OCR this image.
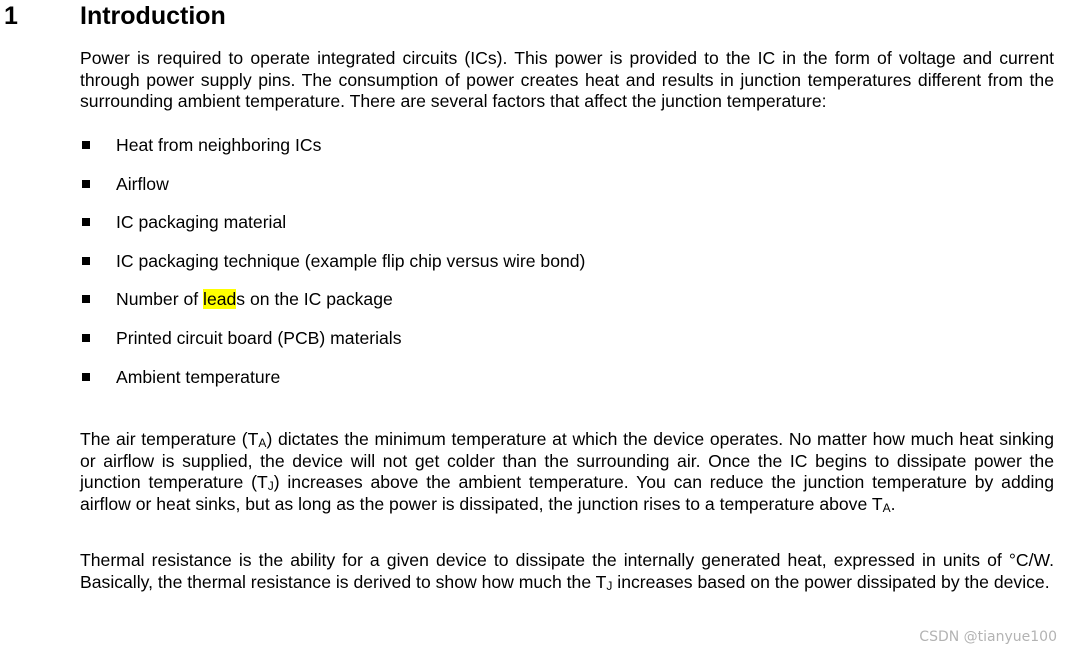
1 Introduction

Power is required to operate integrated circuits (ICs). This power is provided to the IC in the form of voltage and current through power supply pins. The consumption of power creates heat and results in junction temperatures different from the surrounding ambient temperature. There are several factors that affect the junction temperature:

Heat from neighboring ICs
Airflow
IC packaging material
IC packaging technique (example flip chip versus wire bond)
Number of leads on the IC package
Printed circuit board (PCB) materials
Ambient temperature

The air temperature $(T_A)$ dictates the minimum temperature at which the device operates. No matter how much heat sinking or airflow is supplied, the device will not get colder than the surrounding air. Once the IC begins to dissipate power the junction temperature $(T_J)$ increases above the ambient temperature. You can reduce the junction temperature by adding airflow or heat sinks, but as long as the power is dissipated, the junction rises to a temperature above $T_A$.

Thermal resistance is the ability for a given device to dissipate the internally generated heat, expressed in units of °C/W. Basically, the thermal resistance is derived to show how much the $T_J$ increases based on the power dissipated by the device.

CSDN @tianyue100
